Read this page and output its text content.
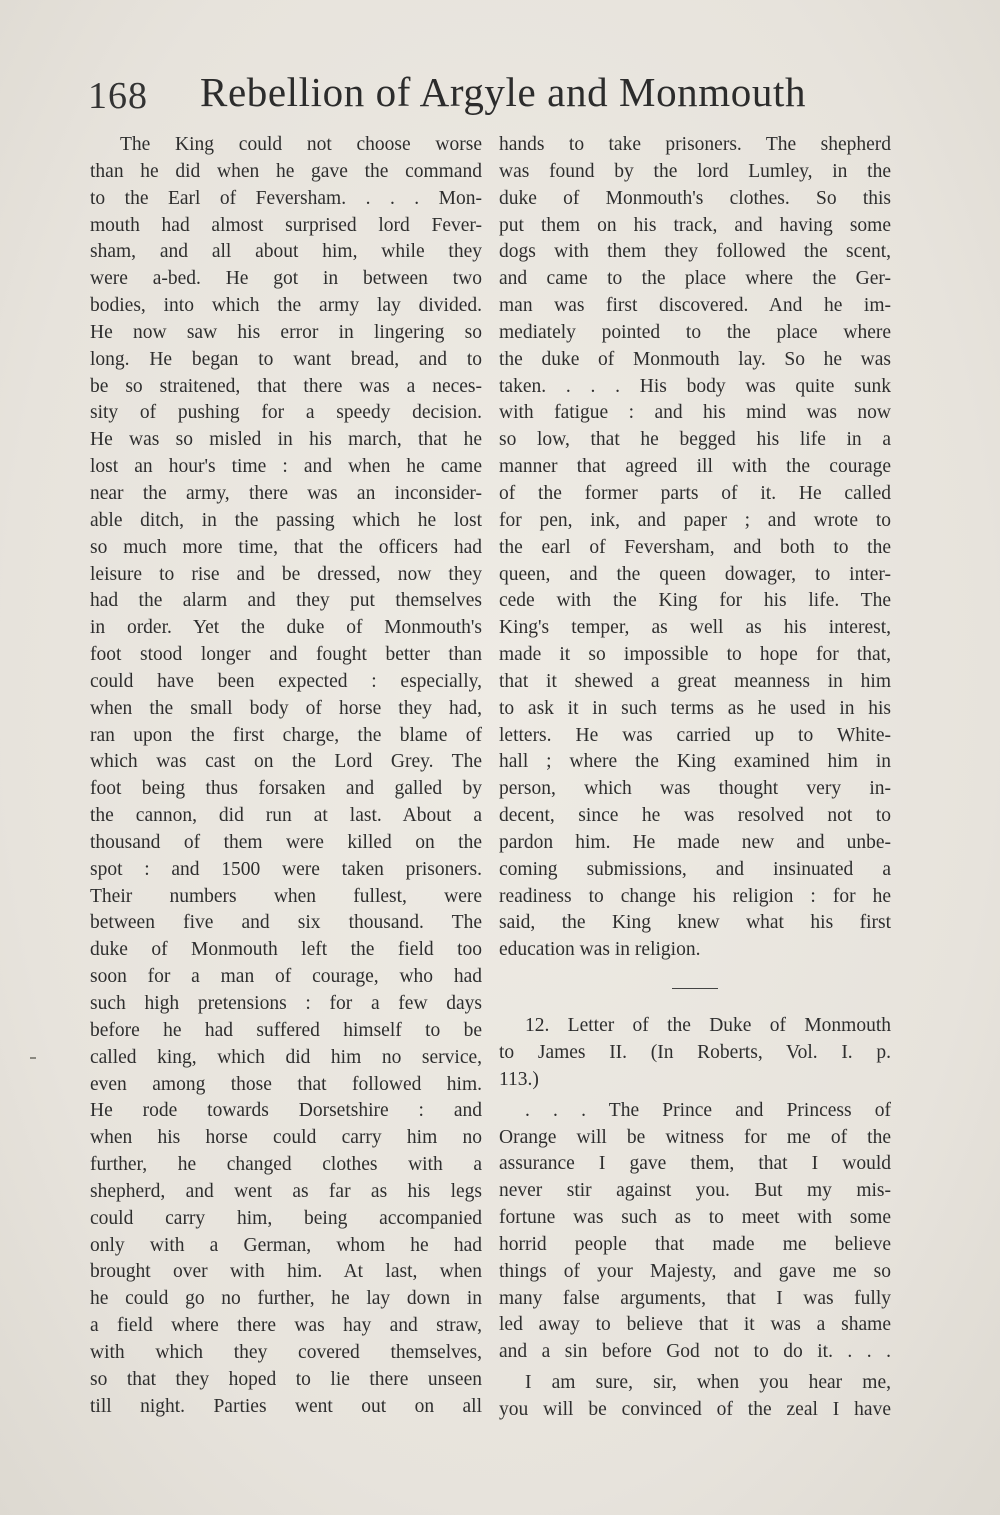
168 Rebellion of Argyle and Monmouth

The King could not choose worse

than he did when he gave the command

to the Earl of Feversham. . . . Mon-

mouth had almost surprised lord Fever-

sham, and all about him, while they

were a-bed. He got in between two

bodies, into which the army lay divided.

He now saw his error in lingering so

long. He began to want bread, and to

be so straitened, that there was a neces-

sity of pushing for a speedy decision.

He was so misled in his march, that he

lost an hour's time : and when he came

near the army, there was an inconsider-

able ditch, in the passing which he lost

so much more time, that the officers had

leisure to rise and be dressed, now they

had the alarm and they put themselves

in order. Yet the duke of Monmouth's

foot stood longer and fought better than

could have been expected : especially,

when the small body of horse they had,

ran upon the first charge, the blame of

which was cast on the Lord Grey. The

foot being thus forsaken and galled by

the cannon, did run at last. About a

thousand of them were killed on the

spot : and 1500 were taken prisoners.

Their numbers when fullest, were

between five and six thousand. The

duke of Monmouth left the field too

soon for a man of courage, who had

such high pretensions : for a few days

before he had suffered himself to be

called king, which did him no service,

even among those that followed him.

He rode towards Dorsetshire : and

when his horse could carry him no

further, he changed clothes with a

shepherd, and went as far as his legs

could carry him, being accompanied

only with a German, whom he had

brought over with him. At last, when

he could go no further, he lay down in

a field where there was hay and straw,

with which they covered themselves,

so that they hoped to lie there unseen

till night. Parties went out on all

hands to take prisoners. The shepherd

was found by the lord Lumley, in the

duke of Monmouth's clothes. So this

put them on his track, and having some

dogs with them they followed the scent,

and came to the place where the Ger-

man was first discovered. And he im-

mediately pointed to the place where

the duke of Monmouth lay. So he was

taken. . . . His body was quite sunk

with fatigue : and his mind was now

so low, that he begged his life in a

manner that agreed ill with the courage

of the former parts of it. He called

for pen, ink, and paper ; and wrote to

the earl of Feversham, and both to the

queen, and the queen dowager, to inter-

cede with the King for his life. The

King's temper, as well as his interest,

made it so impossible to hope for that,

that it shewed a great meanness in him

to ask it in such terms as he used in his

letters. He was carried up to White-

hall ; where the King examined him in

person, which was thought very in-

decent, since he was resolved not to

pardon him. He made new and unbe-

coming submissions, and insinuated a

readiness to change his religion : for he

said, the King knew what his first

education was in religion.

12. Letter of the Duke of Monmouth

to James II. (In Roberts, Vol. I. p.

113.)

. . . The Prince and Princess of

Orange will be witness for me of the

assurance I gave them, that I would

never stir against you. But my mis-

fortune was such as to meet with some

horrid people that made me believe

things of your Majesty, and gave me so

many false arguments, that I was fully

led away to believe that it was a shame

and a sin before God not to do it. . . .

I am sure, sir, when you hear me,

you will be convinced of the zeal I have
